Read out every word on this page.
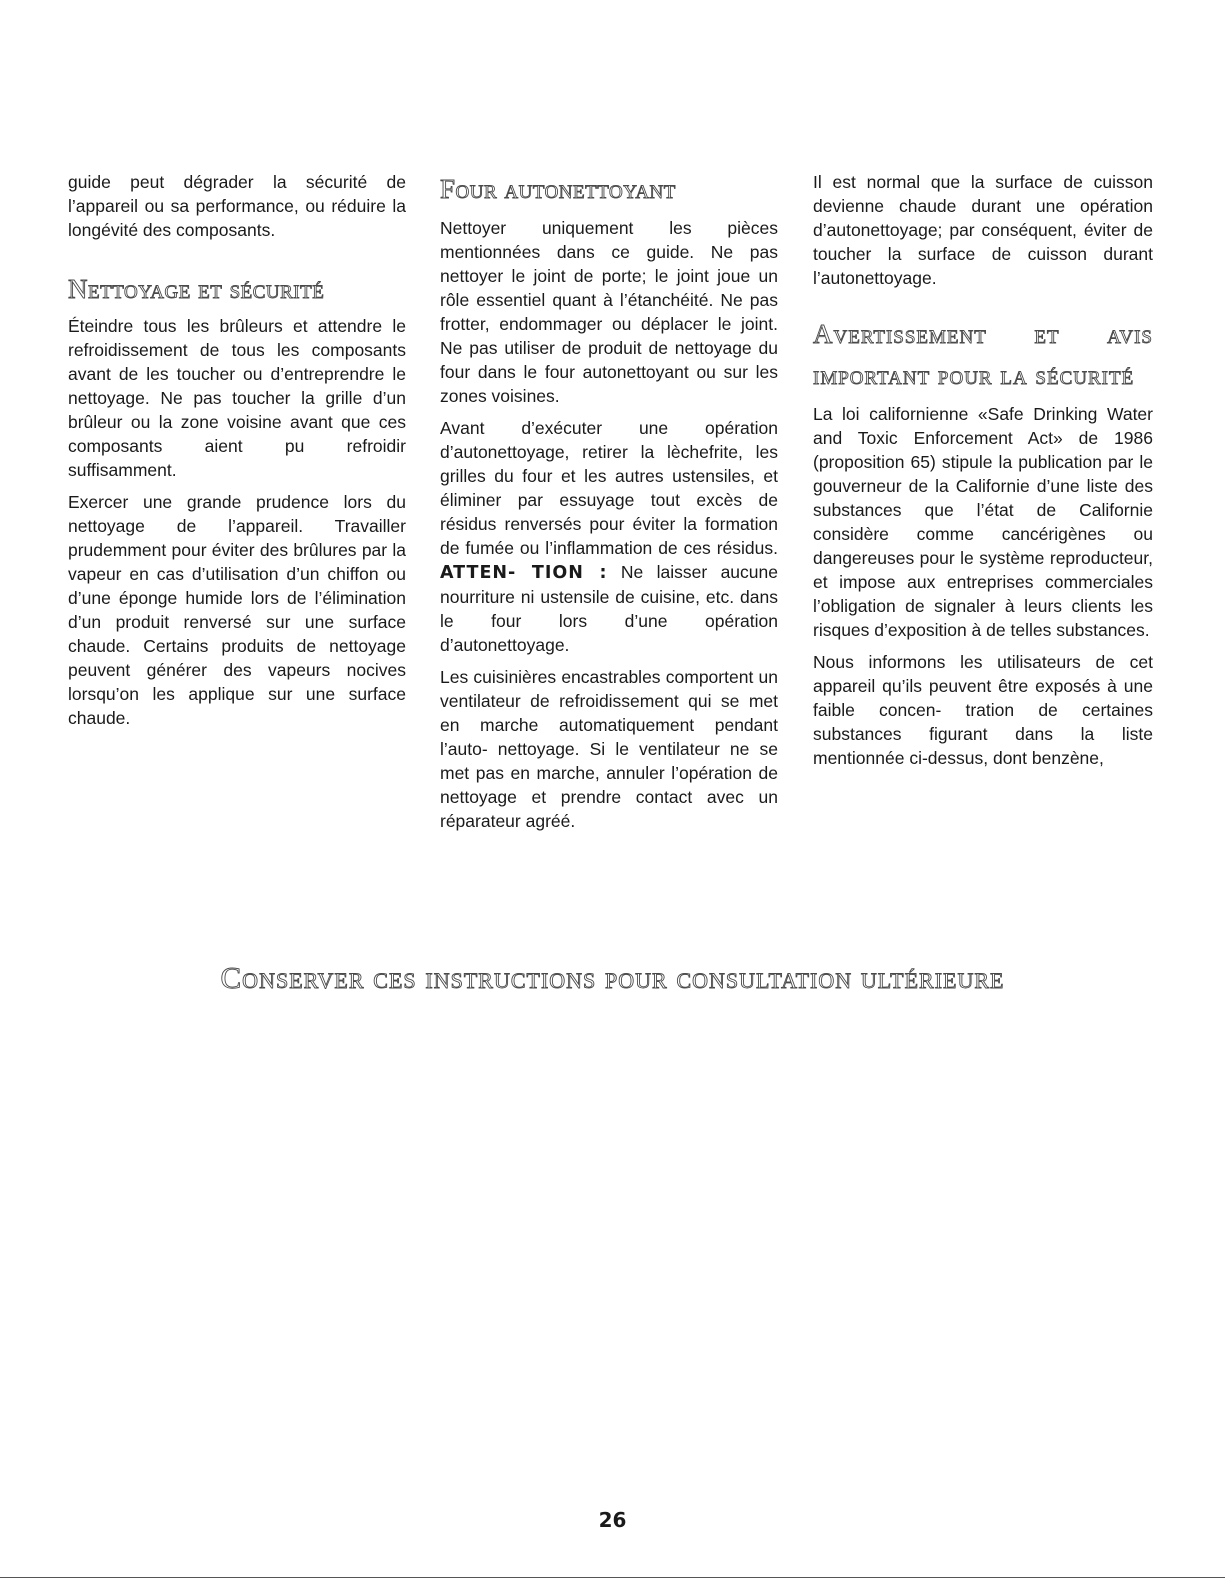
guide peut dégrader la sécurité de l’appareil ou sa performance, ou réduire la longévité des composants.

Nettoyage et sécurité

Éteindre tous les brûleurs et attendre le refroidissement de tous les composants avant de les toucher ou d’entreprendre le nettoyage. Ne pas toucher la grille d’un brûleur ou la zone voisine avant que ces composants aient pu refroidir suffisamment.

Exercer une grande prudence lors du nettoyage de l’appareil. Travailler prudemment pour éviter des brûlures par la vapeur en cas d’utilisation d’un chiffon ou d’une éponge humide lors de l’élimination d’un produit renversé sur une surface chaude. Certains produits de nettoyage peuvent générer des vapeurs nocives lorsqu’on les applique sur une surface chaude.

Four autonettoyant

Nettoyer uniquement les pièces mentionnées dans ce guide. Ne pas nettoyer le joint de porte; le joint joue un rôle essentiel quant à l’étanchéité. Ne pas frotter, endommager ou déplacer le joint. Ne pas utiliser de produit de nettoyage du four dans le four autonettoyant ou sur les zones voisines.

Avant d’exécuter une opération d’autonettoyage, retirer la lèchefrite, les grilles du four et les autres ustensiles, et éliminer par essuyage tout excès de résidus renversés pour éviter la formation de fumée ou l’inflammation de ces résidus. ATTEN- TION : Ne laisser aucune nourriture ni ustensile de cuisine, etc. dans le four lors d’une opération d’autonettoyage.

Les cuisinières encastrables comportent un ventilateur de refroidissement qui se met en marche automatiquement pendant l’auto- nettoyage. Si le ventilateur ne se met pas en marche, annuler l’opération de nettoyage et prendre contact avec un réparateur agréé.

Il est normal que la surface de cuisson devienne chaude durant une opération d’autonettoyage; par conséquent, éviter de toucher la surface de cuisson durant l’autonettoyage.

Avertissement et avis important pour la sécurité

La loi californienne «Safe Drinking Water and Toxic Enforcement Act» de 1986 (proposition 65) stipule la publication par le gouverneur de la Californie d’une liste des substances que l’état de Californie considère comme cancérigènes ou dangereuses pour le système reproducteur, et impose aux entreprises commerciales l’obligation de signaler à leurs clients les risques d’exposition à de telles substances.

Nous informons les utilisateurs de cet appareil qu’ils peuvent être exposés à une faible concen- tration de certaines substances figurant dans la liste mentionnée ci-dessus, dont benzène,

Conserver ces instructions pour consultation ultérieure
26
